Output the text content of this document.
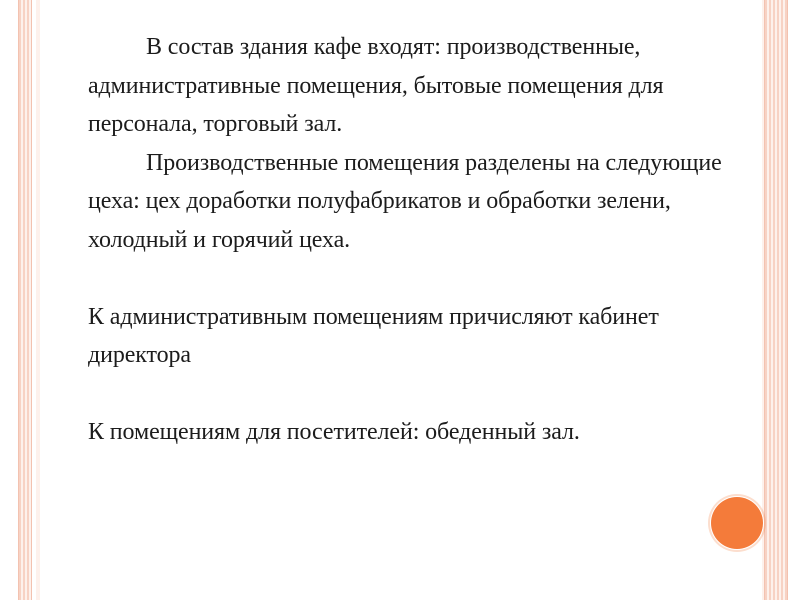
В состав здания кафе входят: производственные, административные помещения, бытовые помещения для персонала, торговый зал.

Производственные помещения разделены на следующие цеха: цех доработки полуфабрикатов и обработки зелени, холодный и горячий цеха.

К административным помещениям причисляют кабинет директора

К помещениям для посетителей: обеденный зал.
